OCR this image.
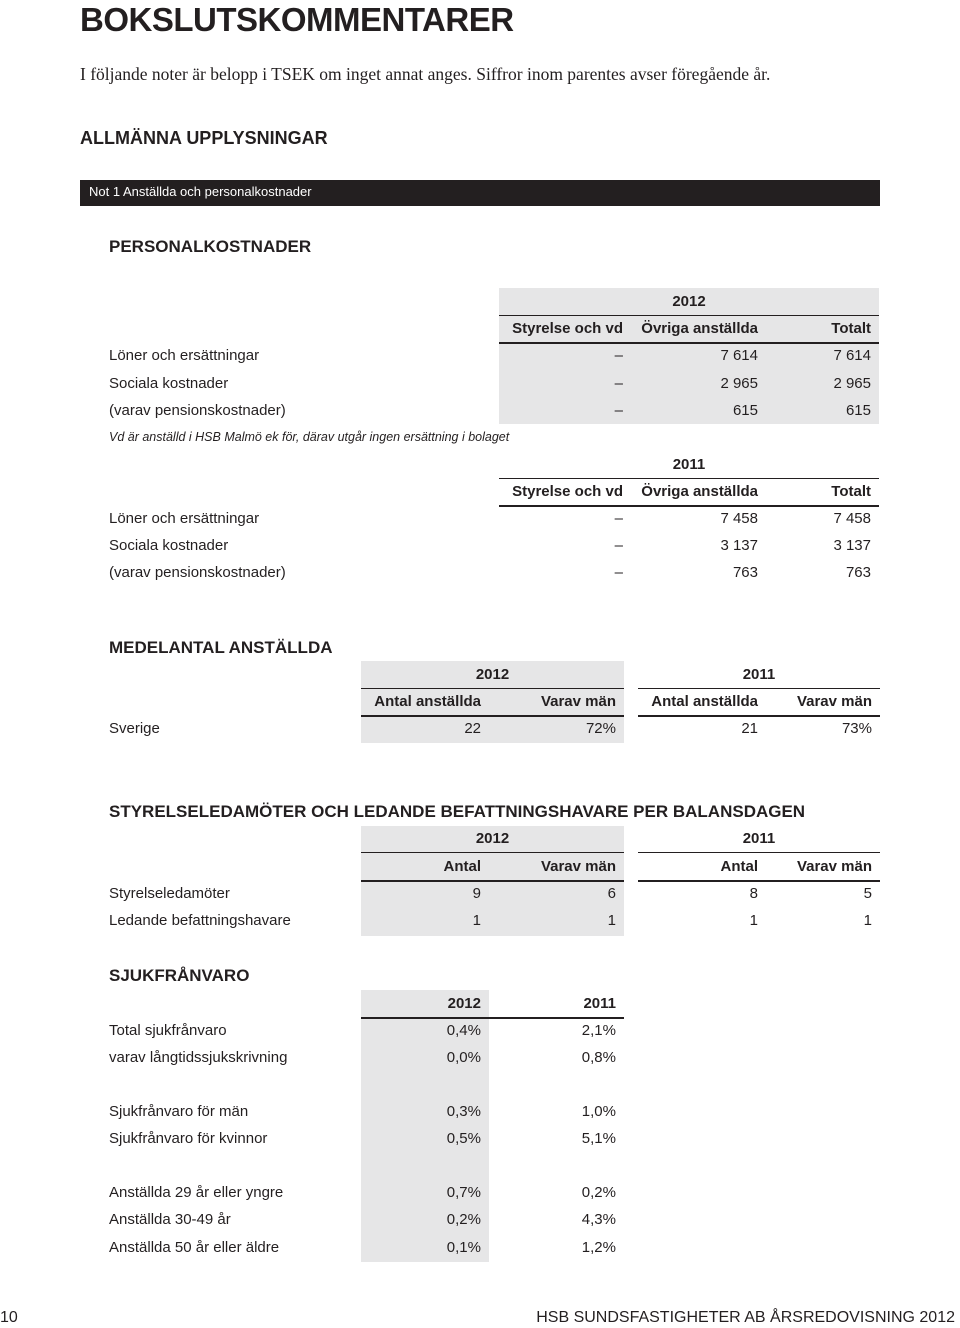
BOKSLUTSKOMMENTARER
I följande noter är belopp i TSEK om inget annat anges. Siffror inom parentes avser föregående år.
ALLMÄNNA UPPLYSNINGAR
Not 1 Anställda och personalkostnader
PERSONALKOSTNADER
2012
Styrelse och vd	Övriga anställda	Totalt
Löner och ersättningar	–	7 614	7 614
Sociala kostnader	–	2 965	2 965
(varav pensionskostnader)	–	615	615
Vd är anställd i HSB Malmö ek för, därav utgår ingen ersättning i bolaget
2011
Styrelse och vd	Övriga anställda	Totalt
Löner och ersättningar	–	7 458	7 458
Sociala kostnader	–	3 137	3 137
(varav pensionskostnader)	–	763	763
MEDELANTAL ANSTÄLLDA
2012	2011
Antal anställda	Varav män	Antal anställda	Varav män
Sverige	22	72%	21	73%
STYRELSELEDAMÖTER OCH LEDANDE BEFATTNINGSHAVARE PER BALANSDAGEN
2012	2011
Antal	Varav män	Antal	Varav män
Styrelseledamöter	9	6	8	5
Ledande befattningshavare	1	1	1	1
SJUKFRÅNVARO
2012	2011
Total sjukfrånvaro	0,4%	2,1%
varav långtidssjukskrivning	0,0%	0,8%
Sjukfrånvaro för män	0,3%	1,0%
Sjukfrånvaro för kvinnor	0,5%	5,1%
Anställda 29 år eller yngre	0,7%	0,2%
Anställda 30-49 år	0,2%	4,3%
Anställda 50 år eller äldre	0,1%	1,2%
10	HSB SUNDSFASTIGHETER AB ÅRSREDOVISNING 2012
